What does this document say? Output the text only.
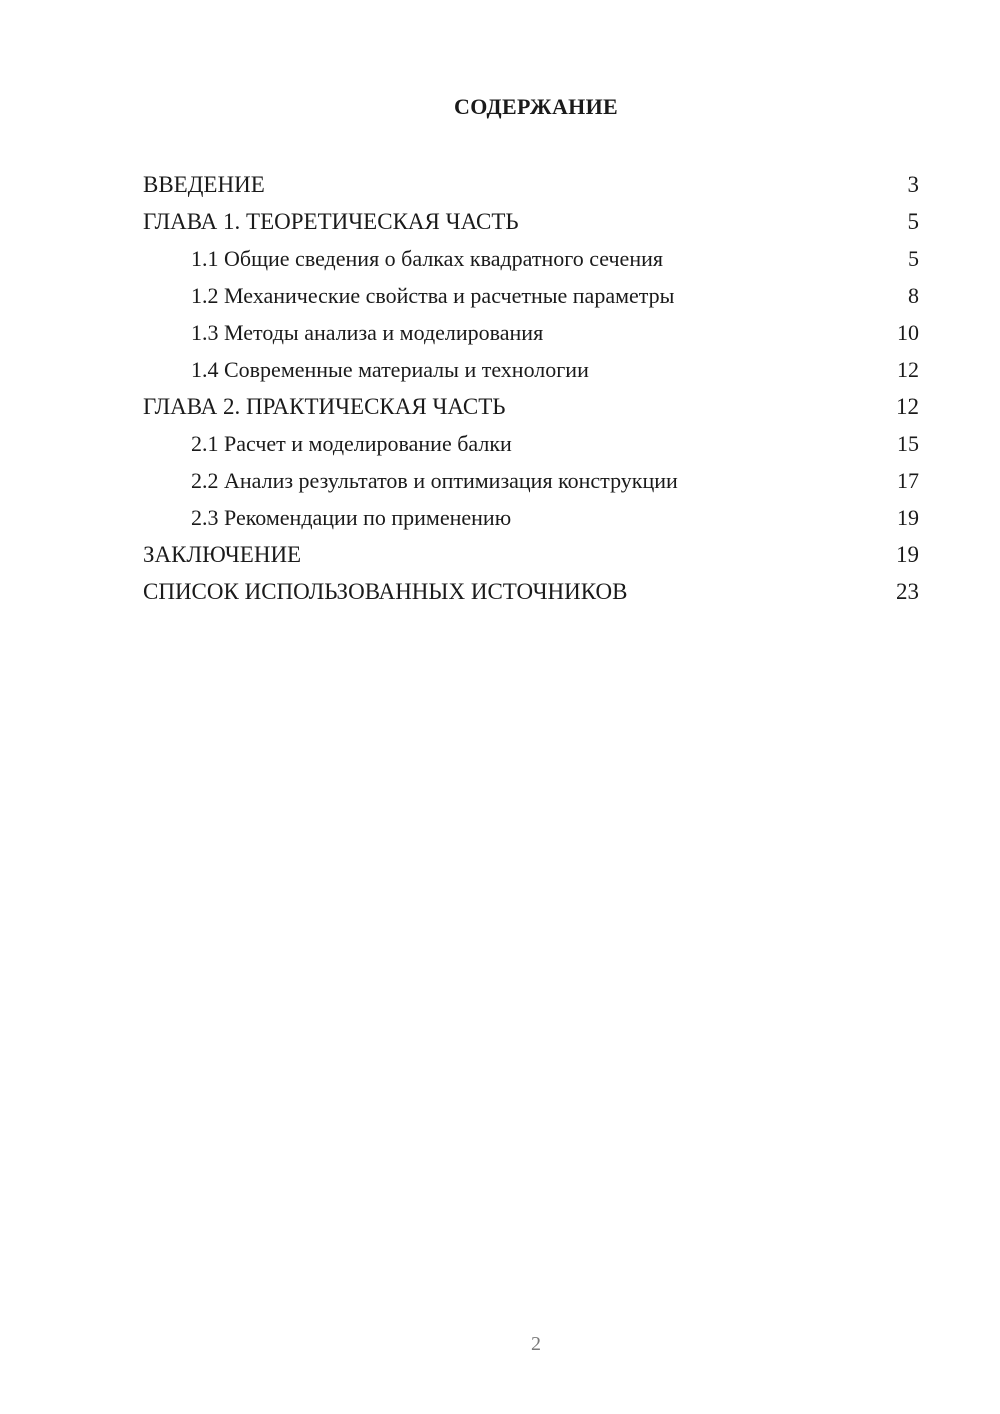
СОДЕРЖАНИЕ
ВВЕДЕНИЕ	3
ГЛАВА 1. ТЕОРЕТИЧЕСКАЯ ЧАСТЬ	5
1.1 Общие сведения о балках квадратного сечения	5
1.2 Механические свойства и расчетные параметры	8
1.3 Методы анализа и моделирования	10
1.4 Современные материалы и технологии	12
ГЛАВА 2. ПРАКТИЧЕСКАЯ ЧАСТЬ	12
2.1 Расчет и моделирование балки	15
2.2 Анализ результатов и оптимизация конструкции	17
2.3 Рекомендации по применению	19
ЗАКЛЮЧЕНИЕ	19
СПИСОК ИСПОЛЬЗОВАННЫХ ИСТОЧНИКОВ	23
2
